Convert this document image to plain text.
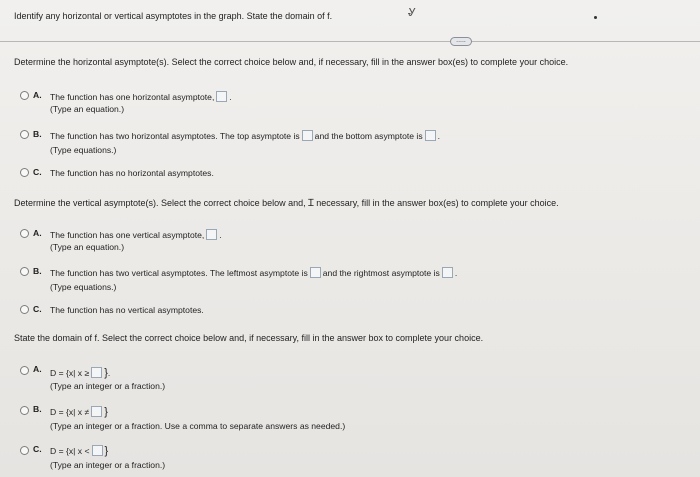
Identify any horizontal or vertical asymptotes in the graph. State the domain of f.	Ꮍ
.....
Determine the horizontal asymptote(s). Select the correct choice below and, if necessary, fill in the answer box(es) to complete your choice.
A. The function has one horizontal asymptote, .
(Type an equation.)
B. The function has two horizontal asymptotes. The top asymptote is and the bottom asymptote is .
(Type equations.)
C. The function has no horizontal asymptotes.
Determine the vertical asymptote(s). Select the correct choice below and, Ɪ necessary, fill in the answer box(es) to complete your choice.
A. The function has one vertical asymptote, .
(Type an equation.)
B. The function has two vertical asymptotes. The leftmost asymptote is and the rightmost asymptote is .
(Type equations.)
C. The function has no vertical asymptotes.
State the domain of f. Select the correct choice below and, if necessary, fill in the answer box to complete your choice.
A. D = {x| x ≥ }.
(Type an integer or a fraction.)
B. D = {x| x ≠ }
(Type an integer or a fraction. Use a comma to separate answers as needed.)
C. D = {x| x < }
(Type an integer or a fraction.)
